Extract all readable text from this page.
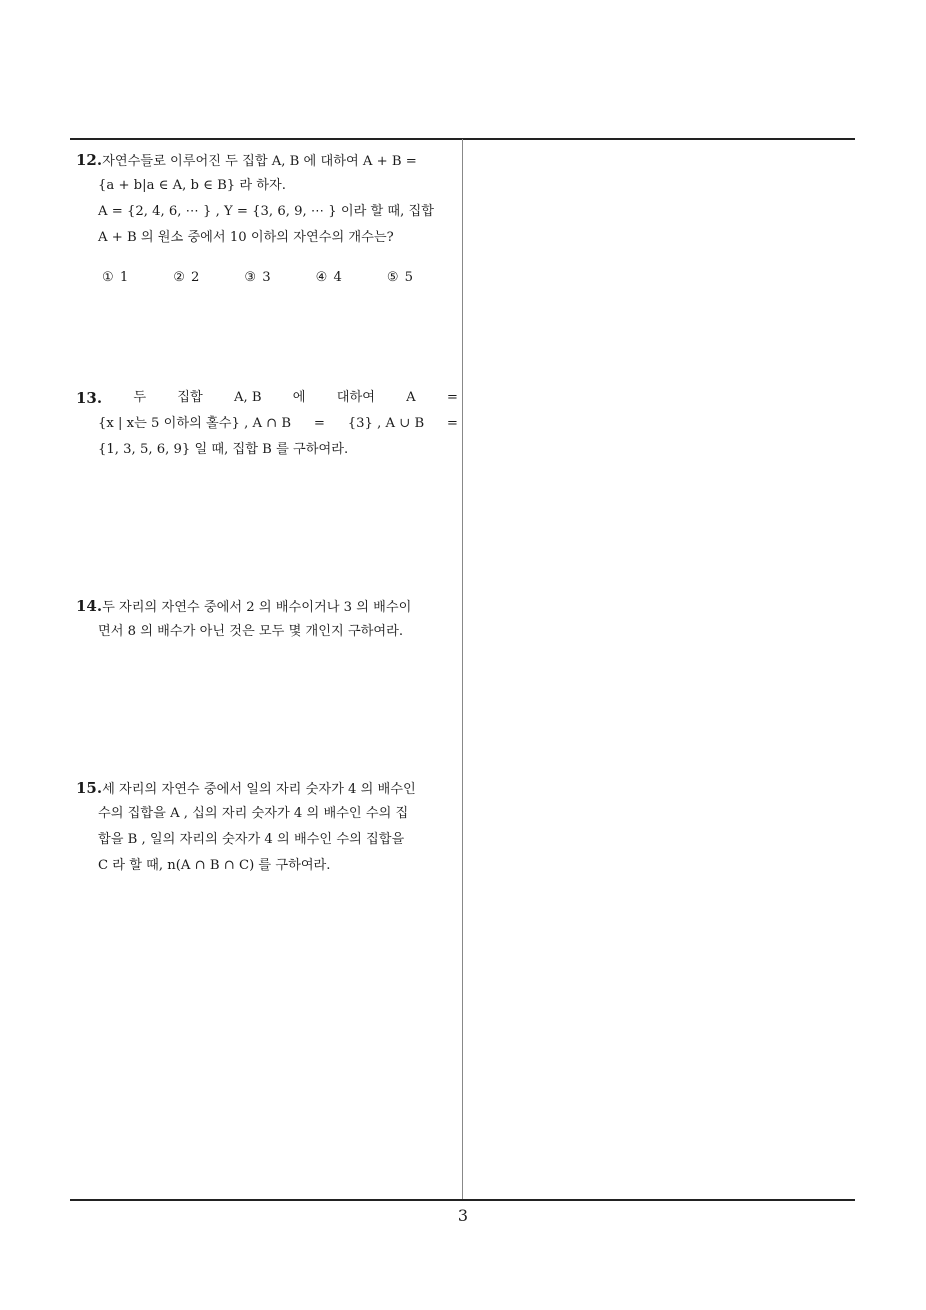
12.자연수들로 이루어진 두 집합 A, B 에 대하여 A + B =
{a + b|a ∈ A, b ∈ B} 라 하자.
A = {2, 4, 6, ⋯ } , Y = {3, 6, 9, ⋯ } 이라 할 때, 집합
A + B 의 원소 중에서 10 이하의 자연수의 개수는?
① 1	② 2	③ 3	④ 4	⑤ 5
13. 두 집합 A, B 에 대하여 A =
{x | x는 5 이하의 홀수} , A ∩ B = {3} , A ∪ B =
{1, 3, 5, 6, 9} 일 때, 집합 B 를 구하여라.
14.두 자리의 자연수 중에서 2 의 배수이거나 3 의 배수이
면서 8 의 배수가 아닌 것은 모두 몇 개인지 구하여라.
15.세 자리의 자연수 중에서 일의 자리 숫자가 4 의 배수인
수의 집합을 A , 십의 자리 숫자가 4 의 배수인 수의 집
합을 B , 일의 자리의 숫자가 4 의 배수인 수의 집합을
C 라 할 때, n(A ∩ B ∩ C) 를 구하여라.
3
